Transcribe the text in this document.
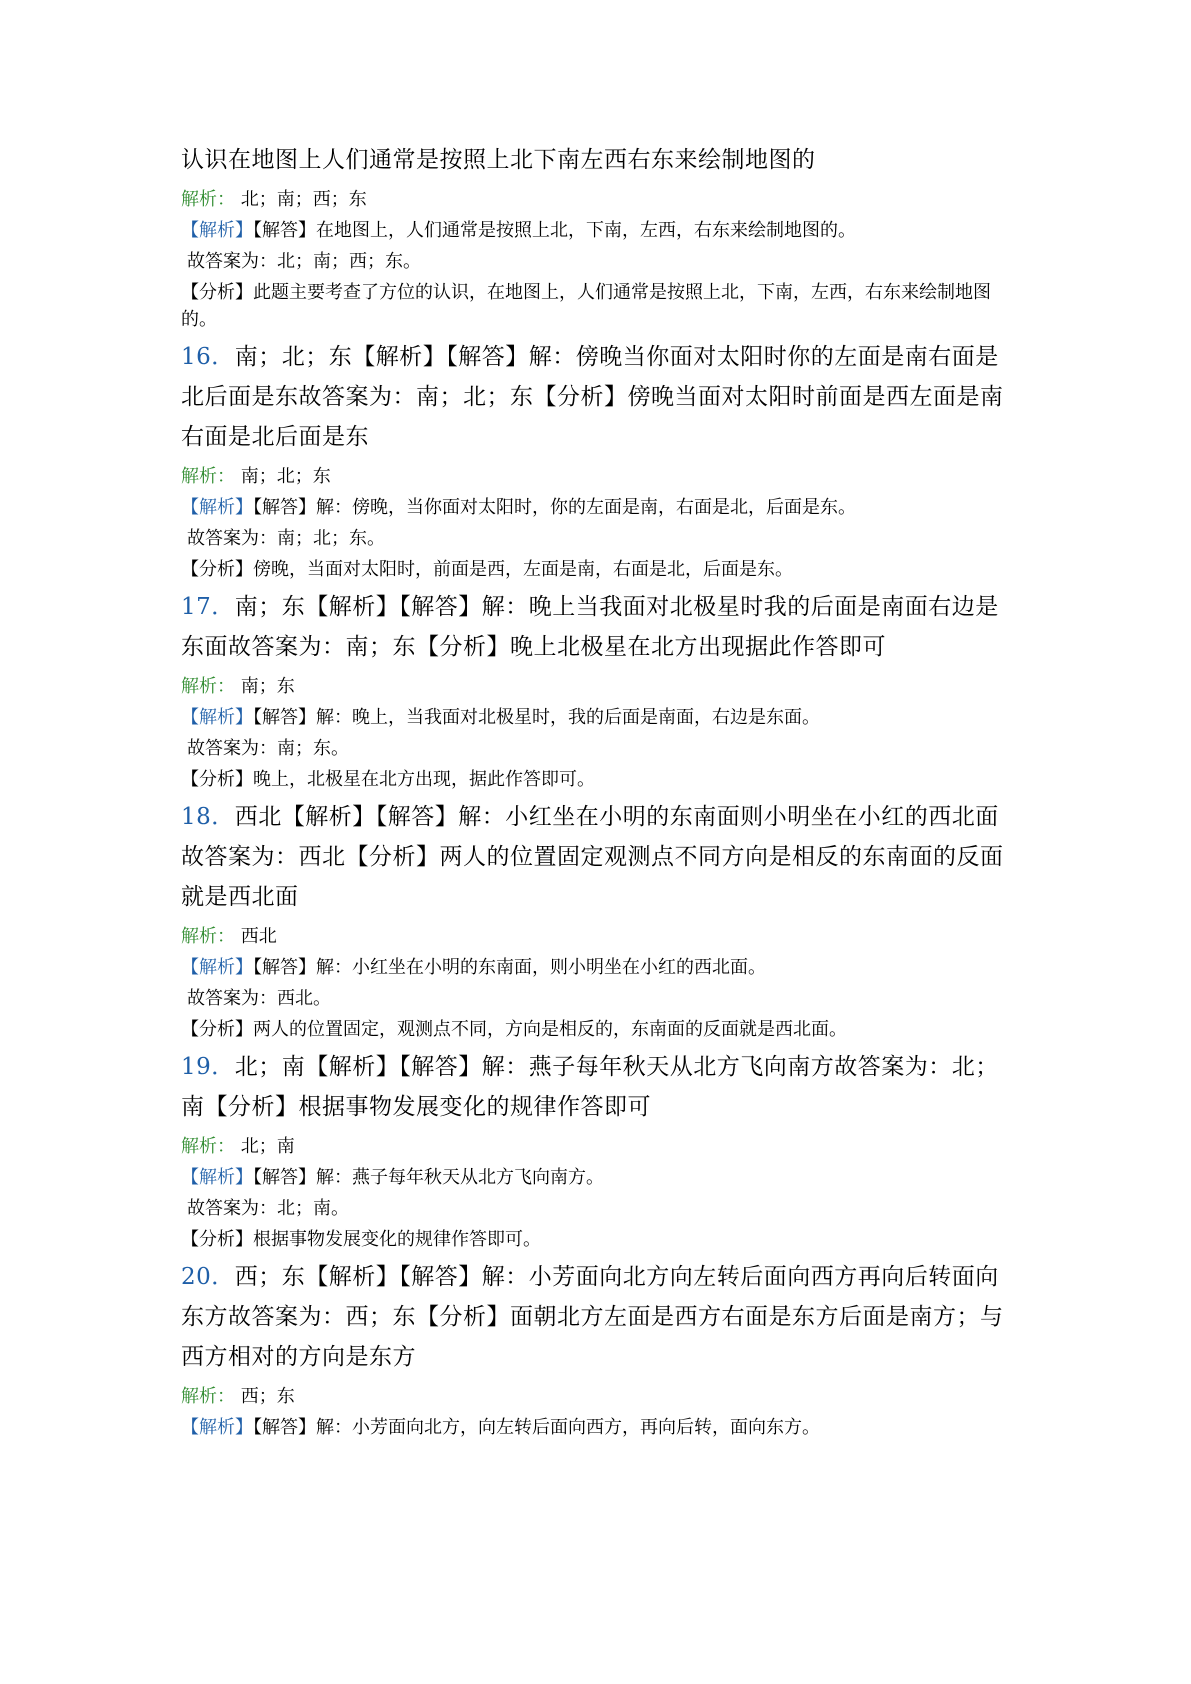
认识在地图上人们通常是按照上北下南左西右东来绘制地图的

解析： 北；南；西；东

【解析】【解答】在地图上，人们通常是按照上北，下南，左西，右东来绘制地图的。

故答案为：北；南；西；东。

【分析】此题主要考查了方位的认识，在地图上，人们通常是按照上北，下南，左西，右东来绘制地图的。

16．南；北；东【解析】【解答】解：傍晚当你面对太阳时你的左面是南右面是北后面是东故答案为：南；北；东【分析】傍晚当面对太阳时前面是西左面是南右面是北后面是东

解析： 南；北；东

【解析】【解答】解：傍晚，当你面对太阳时，你的左面是南，右面是北，后面是东。

故答案为：南；北；东。

【分析】傍晚，当面对太阳时，前面是西，左面是南，右面是北，后面是东。

17．南；东【解析】【解答】解：晚上当我面对北极星时我的后面是南面右边是东面故答案为：南；东【分析】晚上北极星在北方出现据此作答即可

解析： 南；东

【解析】【解答】解：晚上，当我面对北极星时，我的后面是南面，右边是东面。

故答案为：南；东。

【分析】晚上，北极星在北方出现，据此作答即可。

18．西北【解析】【解答】解：小红坐在小明的东南面则小明坐在小红的西北面故答案为：西北【分析】两人的位置固定观测点不同方向是相反的东南面的反面就是西北面

解析： 西北

【解析】【解答】解：小红坐在小明的东南面，则小明坐在小红的西北面。

故答案为：西北。

【分析】两人的位置固定，观测点不同，方向是相反的，东南面的反面就是西北面。

19．北；南【解析】【解答】解：燕子每年秋天从北方飞向南方故答案为：北；南【分析】根据事物发展变化的规律作答即可

解析： 北；南

【解析】【解答】解：燕子每年秋天从北方飞向南方。

故答案为：北；南。

【分析】根据事物发展变化的规律作答即可。

20．西；东【解析】【解答】解：小芳面向北方向左转后面向西方再向后转面向东方故答案为：西；东【分析】面朝北方左面是西方右面是东方后面是南方；与西方相对的方向是东方

解析： 西；东

【解析】【解答】解：小芳面向北方，向左转后面向西方，再向后转，面向东方。
